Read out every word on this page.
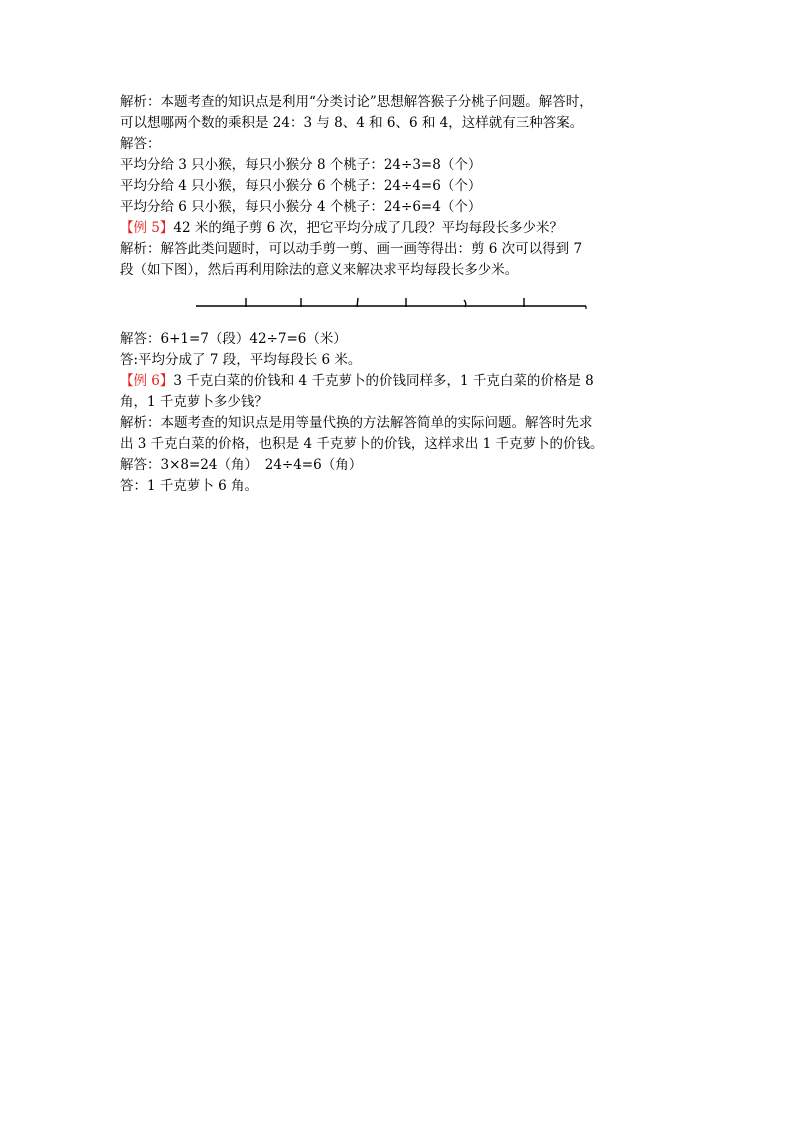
解析：本题考查的知识点是利用“分类讨论”思想解答猴子分桃子问题。解答时，
可以想哪两个数的乘积是 24：3 与 8、4 和 6、6 和 4，这样就有三种答案。
解答：
平均分给 3 只小猴，每只小猴分 8 个桃子：24÷3=8（个）
平均分给 4 只小猴，每只小猴分 6 个桃子：24÷4=6（个）
平均分给 6 只小猴，每只小猴分 4 个桃子：24÷6=4（个）
【例 5】42 米的绳子剪 6 次，把它平均分成了几段？平均每段长多少米？
解析：解答此类问题时，可以动手剪一剪、画一画等得出：剪 6 次可以得到 7
段（如下图），然后再利用除法的意义来解决求平均每段长多少米。
解答：6+1=7（段）42÷7=6（米）
答:平均分成了 7 段，平均每段长 6 米。
【例 6】3 千克白菜的价钱和 4 千克萝卜的价钱同样多，1 千克白菜的价格是 8
角，1 千克萝卜多少钱？
解析：本题考查的知识点是用等量代换的方法解答简单的实际问题。解答时先求
出 3 千克白菜的价格，也积是 4 千克萝卜的价钱，这样求出 1 千克萝卜的价钱。
解答：3×8=24（角）　24÷4=6（角）
答：1 千克萝卜 6 角。
